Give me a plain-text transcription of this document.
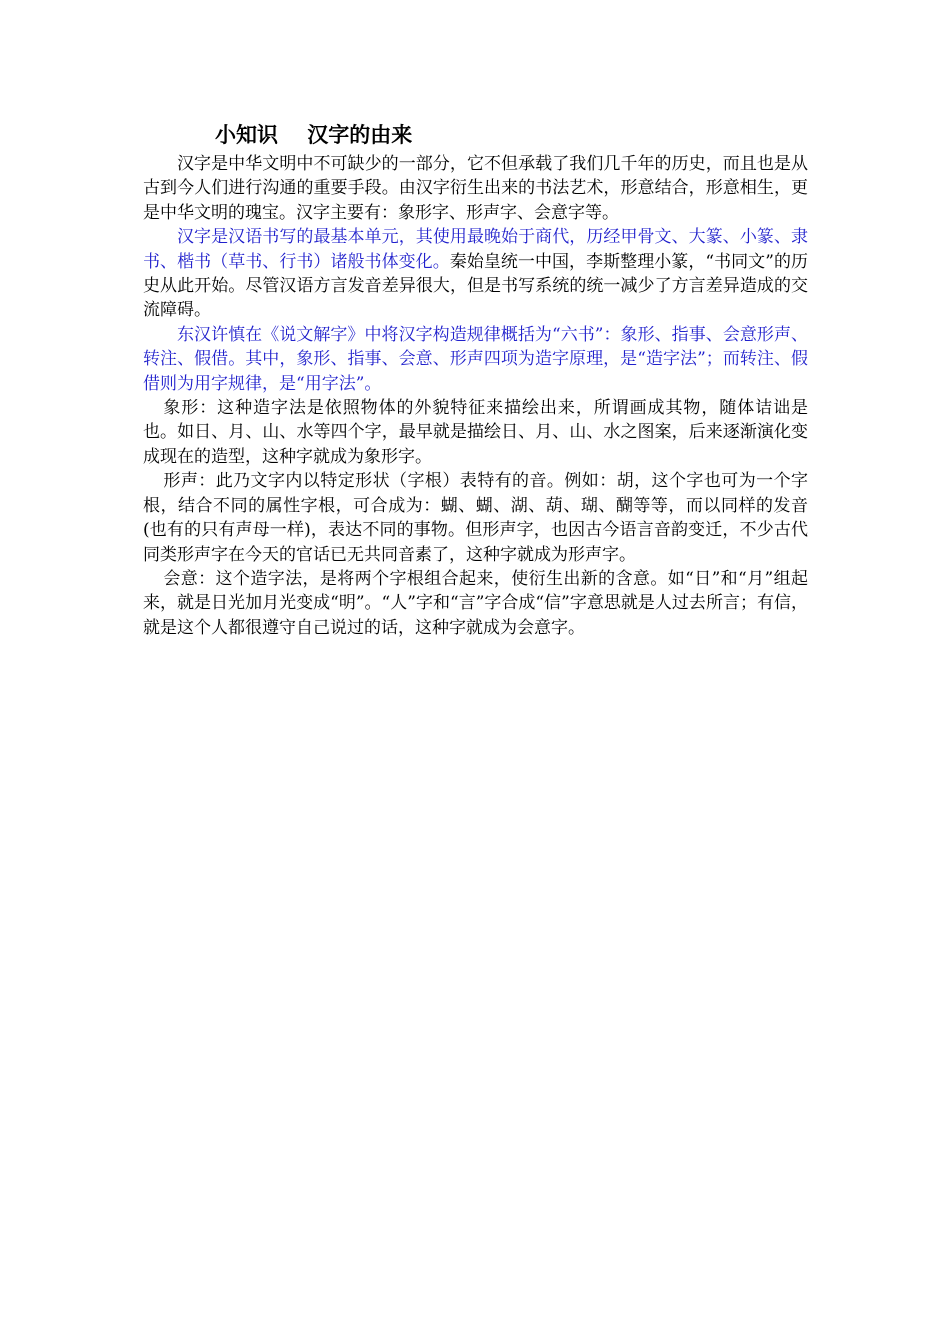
小知识    汉字的由来

汉字是中华文明中不可缺少的一部分，它不但承载了我们几千年的历史，而且也是从古到今人们进行沟通的重要手段。由汉字衍生出来的书法艺术，形意结合，形意相生，更是中华文明的瑰宝。汉字主要有：象形字、形声字、会意字等。

汉字是汉语书写的最基本单元，其使用最晚始于商代，历经甲骨文、大篆、小篆、隶书、楷书（草书、行书）诸般书体变化。秦始皇统一中国，李斯整理小篆，“书同文”的历史从此开始。尽管汉语方言发音差异很大，但是书写系统的统一减少了方言差异造成的交流障碍。

东汉许慎在《说文解字》中将汉字构造规律概括为“六书”：象形、指事、会意形声、转注、假借。其中，象形、指事、会意、形声四项为造字原理，是“造字法”；而转注、假借则为用字规律，是“用字法”。

象形：这种造字法是依照物体的外貌特征来描绘出来，所谓画成其物，随体诘诎是也。如日、月、山、水等四个字，最早就是描绘日、月、山、水之图案，后来逐渐演化变成现在的造型，这种字就成为象形字。

形声：此乃文字内以特定形状（字根）表特有的音。例如：胡，这个字也可为一个字根，结合不同的属性字根，可合成为：蝴、蝴、湖、葫、瑚、醐等等，而以同样的发音(也有的只有声母一样)，表达不同的事物。但形声字，也因古今语言音韵变迁，不少古代同类形声字在今天的官话已无共同音素了，这种字就成为形声字。

会意：这个造字法，是将两个字根组合起来，使衍生出新的含意。如“日”和“月”组起来，就是日光加月光变成“明”。“人”字和“言”字合成“信”字意思就是人过去所言；有信，就是这个人都很遵守自己说过的话，这种字就成为会意字。
